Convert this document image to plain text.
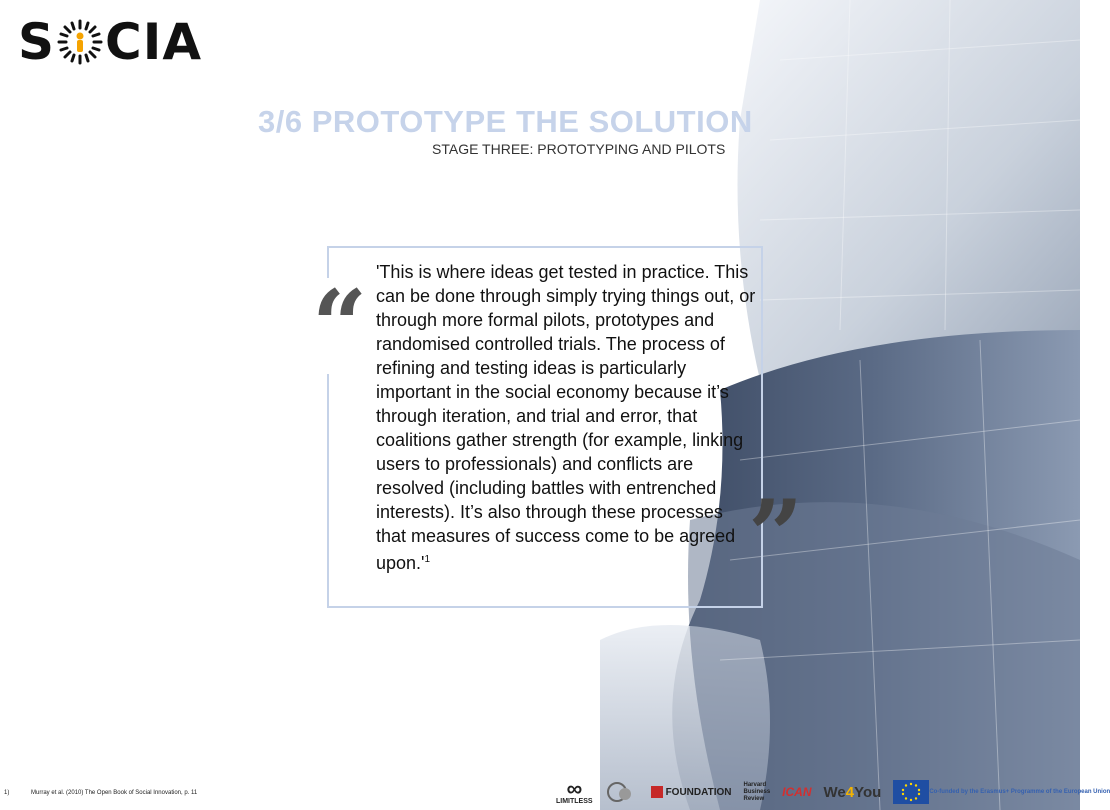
S CIA
3/6 PROTOTYPE THE SOLUTION
STAGE THREE: PROTOTYPING AND PILOTS
“
”
'This is where ideas get tested in practice. This can be done through simply trying things out, or through more formal pilots, prototypes and randomised controlled trials. The process of refining and testing ideas is particularly important in the social economy because it’s through iteration, and trial and error, that coalitions gather strength (for example, linking users to professionals) and conflicts are resolved (including battles with entrenched interests). It’s also through these processes that measures of success come to be agreed $upon.'^1$
1)	Murray et al. (2010) The Open Book of Social Innovation, p. 11	∞
LIMITLESS
FOUNDATION
Harvard
Business
Review ICAN We 4 You	Co-funded by the Erasmus+ Programme of the European Union
